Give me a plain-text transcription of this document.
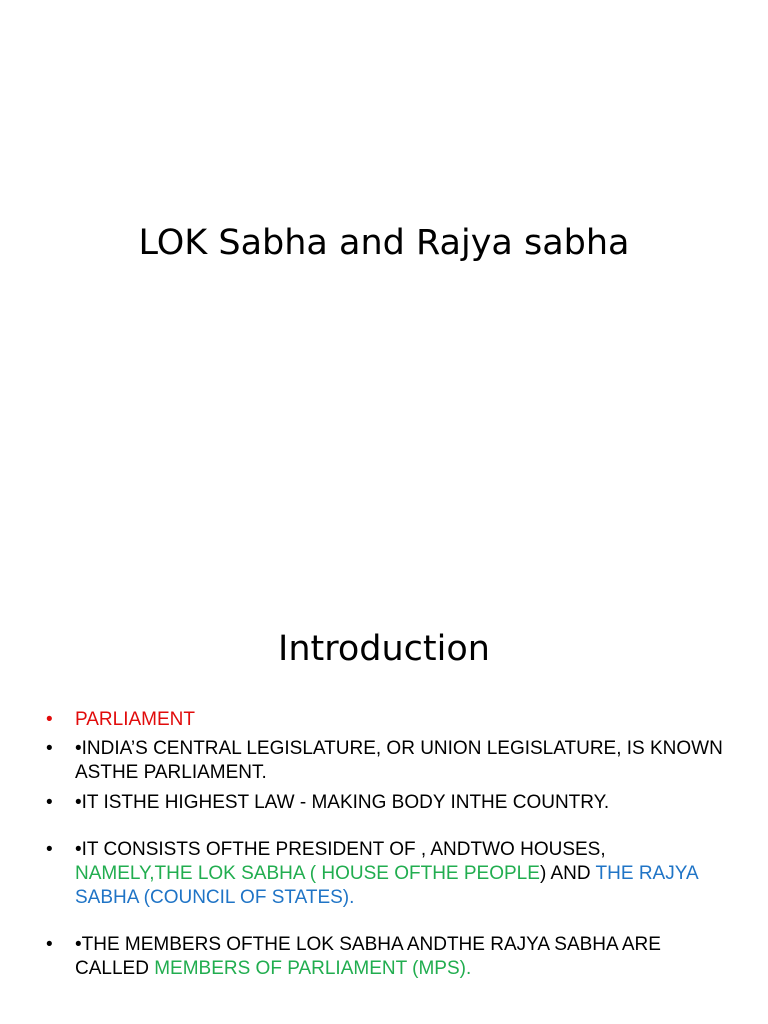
LOK Sabha and Rajya sabha
Introduction
•	PARLIAMENT
•	•INDIA’S CENTRAL LEGISLATURE, OR UNION LEGISLATURE, IS KNOWN ASTHE PARLIAMENT.
•	•IT ISTHE HIGHEST LAW - MAKING BODY INTHE COUNTRY.
•	•IT CONSISTS OFTHE PRESIDENT OF , ANDTWO HOUSES, NAMELY,THE LOK SABHA ( HOUSE OFTHE PEOPLE) AND THE RAJYA SABHA (COUNCIL OF STATES).
•	•THE MEMBERS OFTHE LOK SABHA ANDTHE RAJYA SABHA ARE CALLED MEMBERS OF PARLIAMENT (MPS).
